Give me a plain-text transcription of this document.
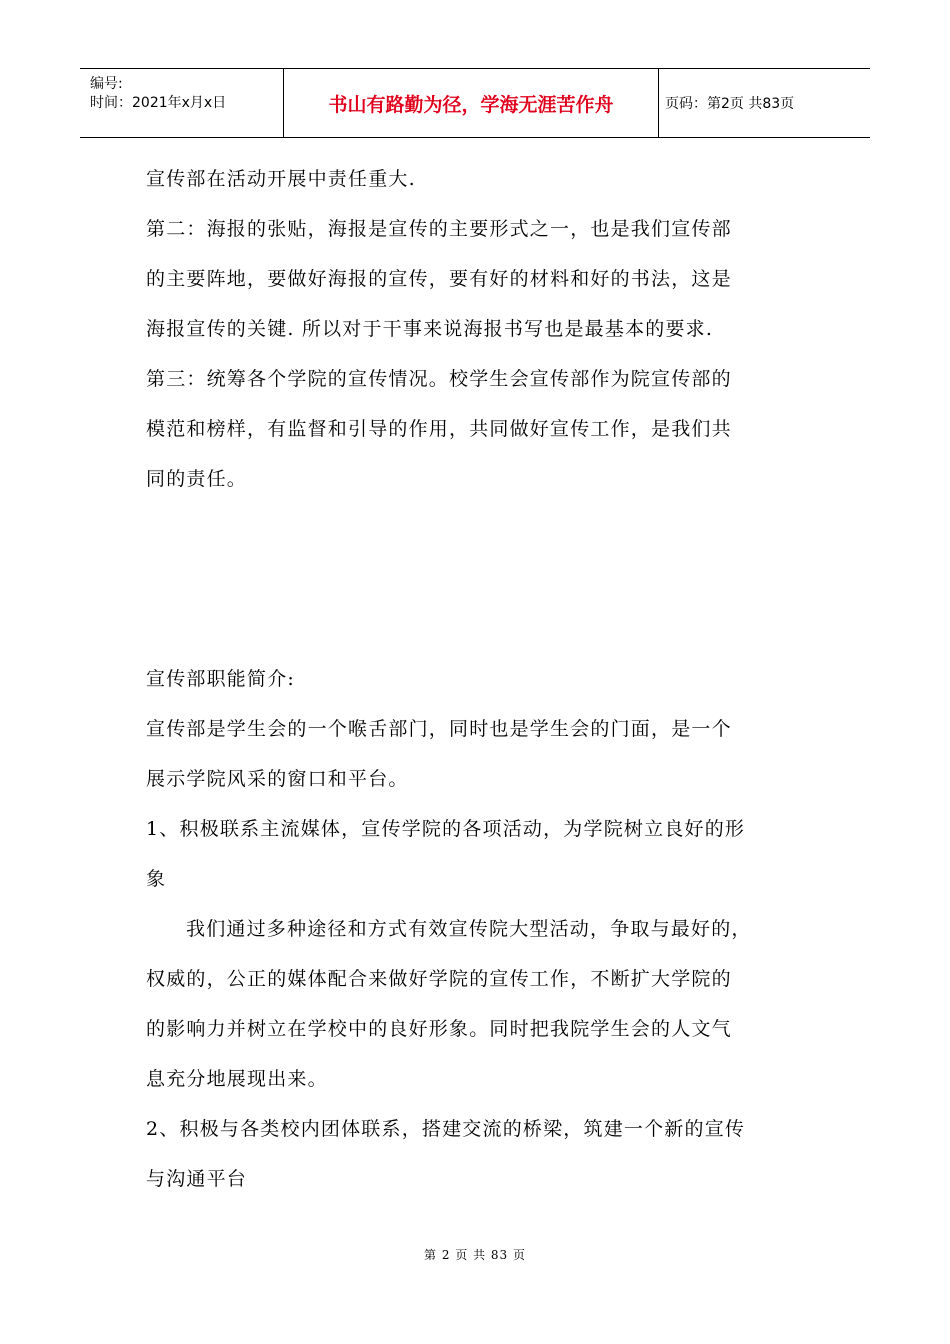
编号:
时间：2021年x月x日	书山有路勤为径，学海无涯苦作舟	页码：第2页 共83页

宣传部在活动开展中责任重大.

第二：海报的张贴，海报是宣传的主要形式之一，也是我们宣传部

的主要阵地，要做好海报的宣传，要有好的材料和好的书法，这是

海报宣传的关键. 所以对于干事来说海报书写也是最基本的要求.

第三：统筹各个学院的宣传情况。校学生会宣传部作为院宣传部的

模范和榜样，有监督和引导的作用，共同做好宣传工作，是我们共

同的责任。

宣传部职能简介:

宣传部是学生会的一个喉舌部门，同时也是学生会的门面，是一个

展示学院风采的窗口和平台。

1、积极联系主流媒体，宣传学院的各项活动，为学院树立良好的形

象

我们通过多种途径和方式有效宣传院大型活动，争取与最好的，

权威的，公正的媒体配合来做好学院的宣传工作，不断扩大学院的

的影响力并树立在学校中的良好形象。同时把我院学生会的人文气

息充分地展现出来。

2、积极与各类校内团体联系，搭建交流的桥梁，筑建一个新的宣传

与沟通平台

第 2 页 共 83 页
